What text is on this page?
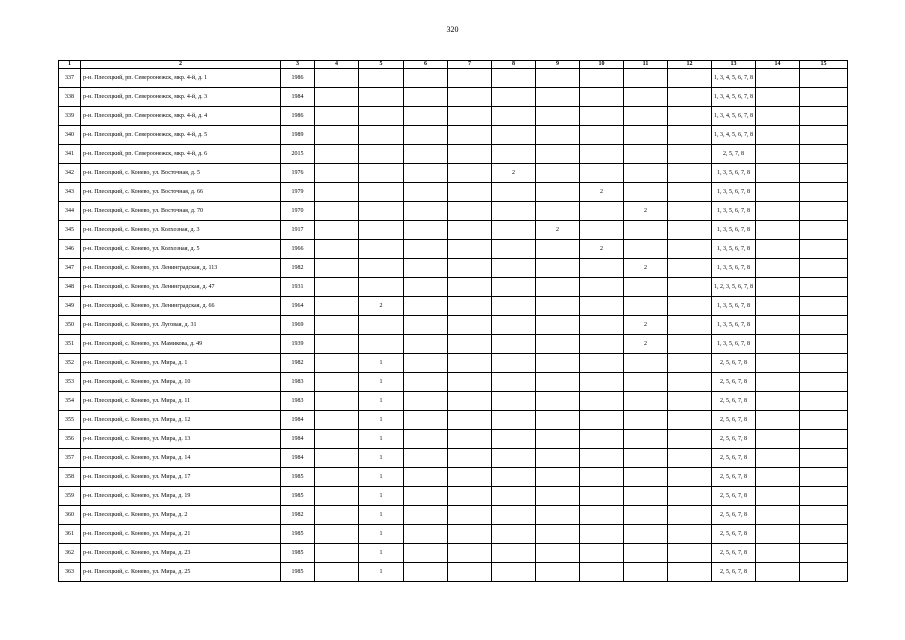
320
1	2	3	4	5	6	7	8	9	10	11	12	13	14	15
337	р-н. Плесецкий, рп. Североонежск, мкр. 4-й, д. 1	1986										1, 3, 4, 5, 6, 7, 8		
338	р-н. Плесецкий, рп. Североонежск, мкр. 4-й, д. 3	1984										1, 3, 4, 5, 6, 7, 8		
339	р-н. Плесецкий, рп. Североонежск, мкр. 4-й, д. 4	1986										1, 3, 4, 5, 6, 7, 8		
340	р-н. Плесецкий, рп. Североонежск, мкр. 4-й, д. 5	1989										1, 3, 4, 5, 6, 7, 8		
341	р-н. Плесецкий, рп. Североонежск, мкр. 4-й, д. 6	2015										2, 5, 7, 8		
342	р-н. Плесецкий, с. Конево, ул. Восточная, д. 5	1976					2					1, 3, 5, 6, 7, 8		
343	р-н. Плесецкий, с. Конево, ул. Восточная, д. 66	1979							2			1, 3, 5, 6, 7, 8		
344	р-н. Плесецкий, с. Конево, ул. Восточная, д. 70	1970								2		1, 3, 5, 6, 7, 8		
345	р-н. Плесецкий, с. Конево, ул. Колхозная, д. 3	1917						2				1, 3, 5, 6, 7, 8		
346	р-н. Плесецкий, с. Конево, ул. Колхозная, д. 5	1966							2			1, 3, 5, 6, 7, 8		
347	р-н. Плесецкий, с. Конево, ул. Ленинградская, д. 113	1982								2		1, 3, 5, 6, 7, 8		
348	р-н. Плесецкий, с. Конево, ул. Ленинградская, д. 47	1931										1, 2, 3, 5, 6, 7, 8		
349	р-н. Плесецкий, с. Конево, ул. Ленинградская, д. 66	1964		2								1, 3, 5, 6, 7, 8		
350	р-н. Плесецкий, с. Конево, ул. Луговая, д. 31	1969								2		1, 3, 5, 6, 7, 8		
351	р-н. Плесецкий, с. Конево, ул. Мамикова, д. 49	1939								2		1, 3, 5, 6, 7, 8		
352	р-н. Плесецкий, с. Конево, ул. Мира, д. 1	1982		1								2, 5, 6, 7, 8		
353	р-н. Плесецкий, с. Конево, ул. Мира, д. 10	1983		1								2, 5, 6, 7, 8		
354	р-н. Плесецкий, с. Конево, ул. Мира, д. 11	1983		1								2, 5, 6, 7, 8		
355	р-н. Плесецкий, с. Конево, ул. Мира, д. 12	1984		1								2, 5, 6, 7, 8		
356	р-н. Плесецкий, с. Конево, ул. Мира, д. 13	1984		1								2, 5, 6, 7, 8		
357	р-н. Плесецкий, с. Конево, ул. Мира, д. 14	1984		1								2, 5, 6, 7, 8		
358	р-н. Плесецкий, с. Конево, ул. Мира, д. 17	1985		1								2, 5, 6, 7, 8		
359	р-н. Плесецкий, с. Конево, ул. Мира, д. 19	1985		1								2, 5, 6, 7, 8		
360	р-н. Плесецкий, с. Конево, ул. Мира, д. 2	1982		1								2, 5, 6, 7, 8		
361	р-н. Плесецкий, с. Конево, ул. Мира, д. 21	1985		1								2, 5, 6, 7, 8		
362	р-н. Плесецкий, с. Конево, ул. Мира, д. 23	1985		1								2, 5, 6, 7, 8		
363	р-н. Плесецкий, с. Конево, ул. Мира, д. 25	1985		1								2, 5, 6, 7, 8		
